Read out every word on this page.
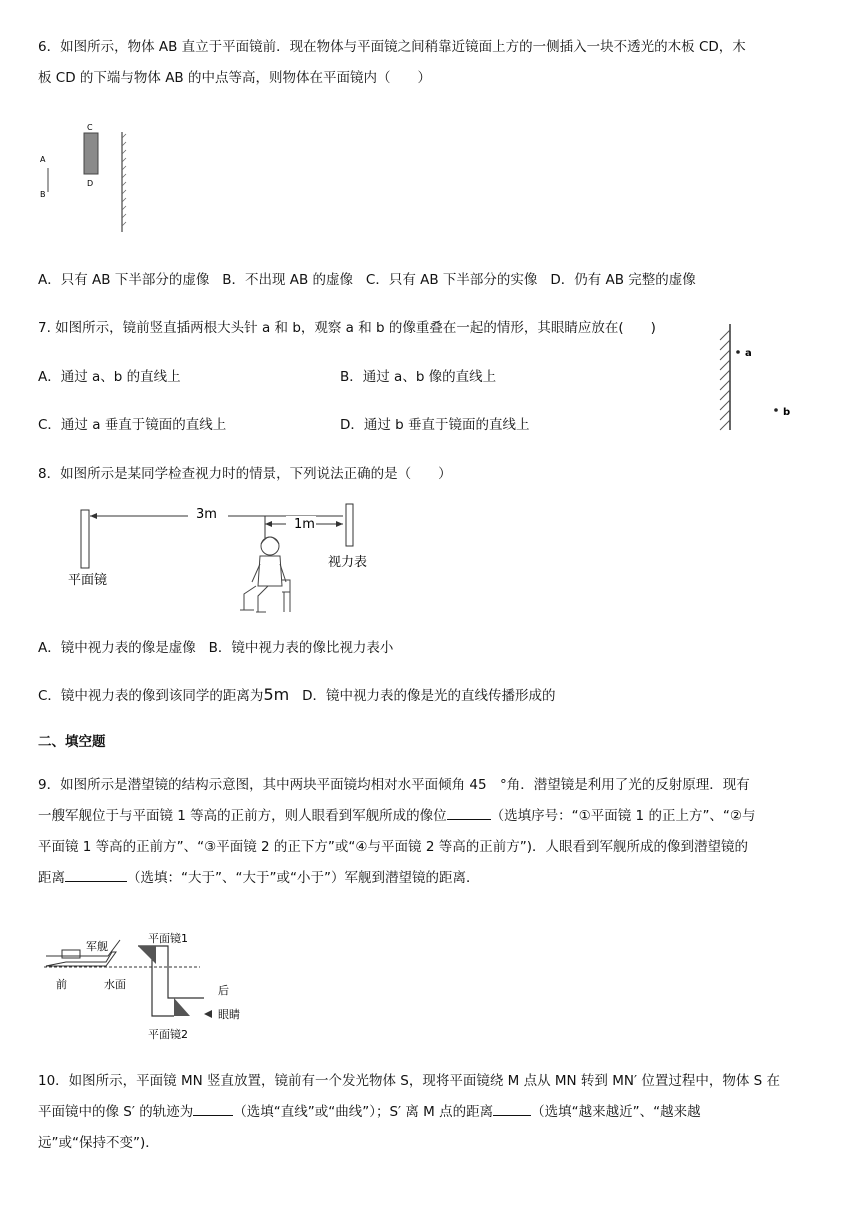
6．如图所示，物体 AB 直立于平面镜前．现在物体与平面镜之间稍靠近镜面上方的一侧插入一块不透光的木板 CD，木
板 CD 的下端与物体 AB 的中点等高，则物体在平面镜内（　　）
A
B
C
D
A．只有 AB 下半部分的虚像 B．不出现 AB 的虚像 C．只有 AB 下半部分的实像 D．仍有 AB 完整的虚像
7. 如图所示，镜前竖直插两根大头针 a 和 b，观察 a 和 b 的像重叠在一起的情形，其眼睛应放在(　　)
A．通过 a、b 的直线上	B．通过 a、b 像的直线上
C．通过 a 垂直于镜面的直线上	D．通过 b 垂直于镜面的直线上
a
b
8．如图所示是某同学检查视力时的情景，下列说法正确的是（　　）
平面镜
3m
1m
视力表
A．镜中视力表的像是虚像 B．镜中视力表的像比视力表小
C．镜中视力表的像到该同学的距离为5m D．镜中视力表的像是光的直线传播形成的
二、填空题
9．如图所示是潜望镜的结构示意图，其中两块平面镜均相对水平面倾角 45　°角．潜望镜是利用了光的反射原理．现有
一艘军舰位于与平面镜 1 等高的正前方，则人眼看到军舰所成的像位	（选填序号：“①平面镜 1 的正上方”、“②与
平面镜 1 等高的正前方”、“③平面镜 2 的正下方”或“④与平面镜 2 等高的正前方”)．人眼看到军舰所成的像到潜望镜的
距离	（选填：“大于”、“大于”或“小于”）军舰到潜望镜的距离．
军舰
前	水面
平面镜1
后
眼睛
平面镜2
10．如图所示，平面镜 MN 竖直放置，镜前有一个发光物体 S，现将平面镜绕 M 点从 MN 转到 MN′ 位置过程中，物体 S 在
平面镜中的像 S′ 的轨迹为	（选填“直线”或“曲线”）；S′ 离 M 点的距离	（选填“越来越近”、“越来越
远”或“保持不变”)．
